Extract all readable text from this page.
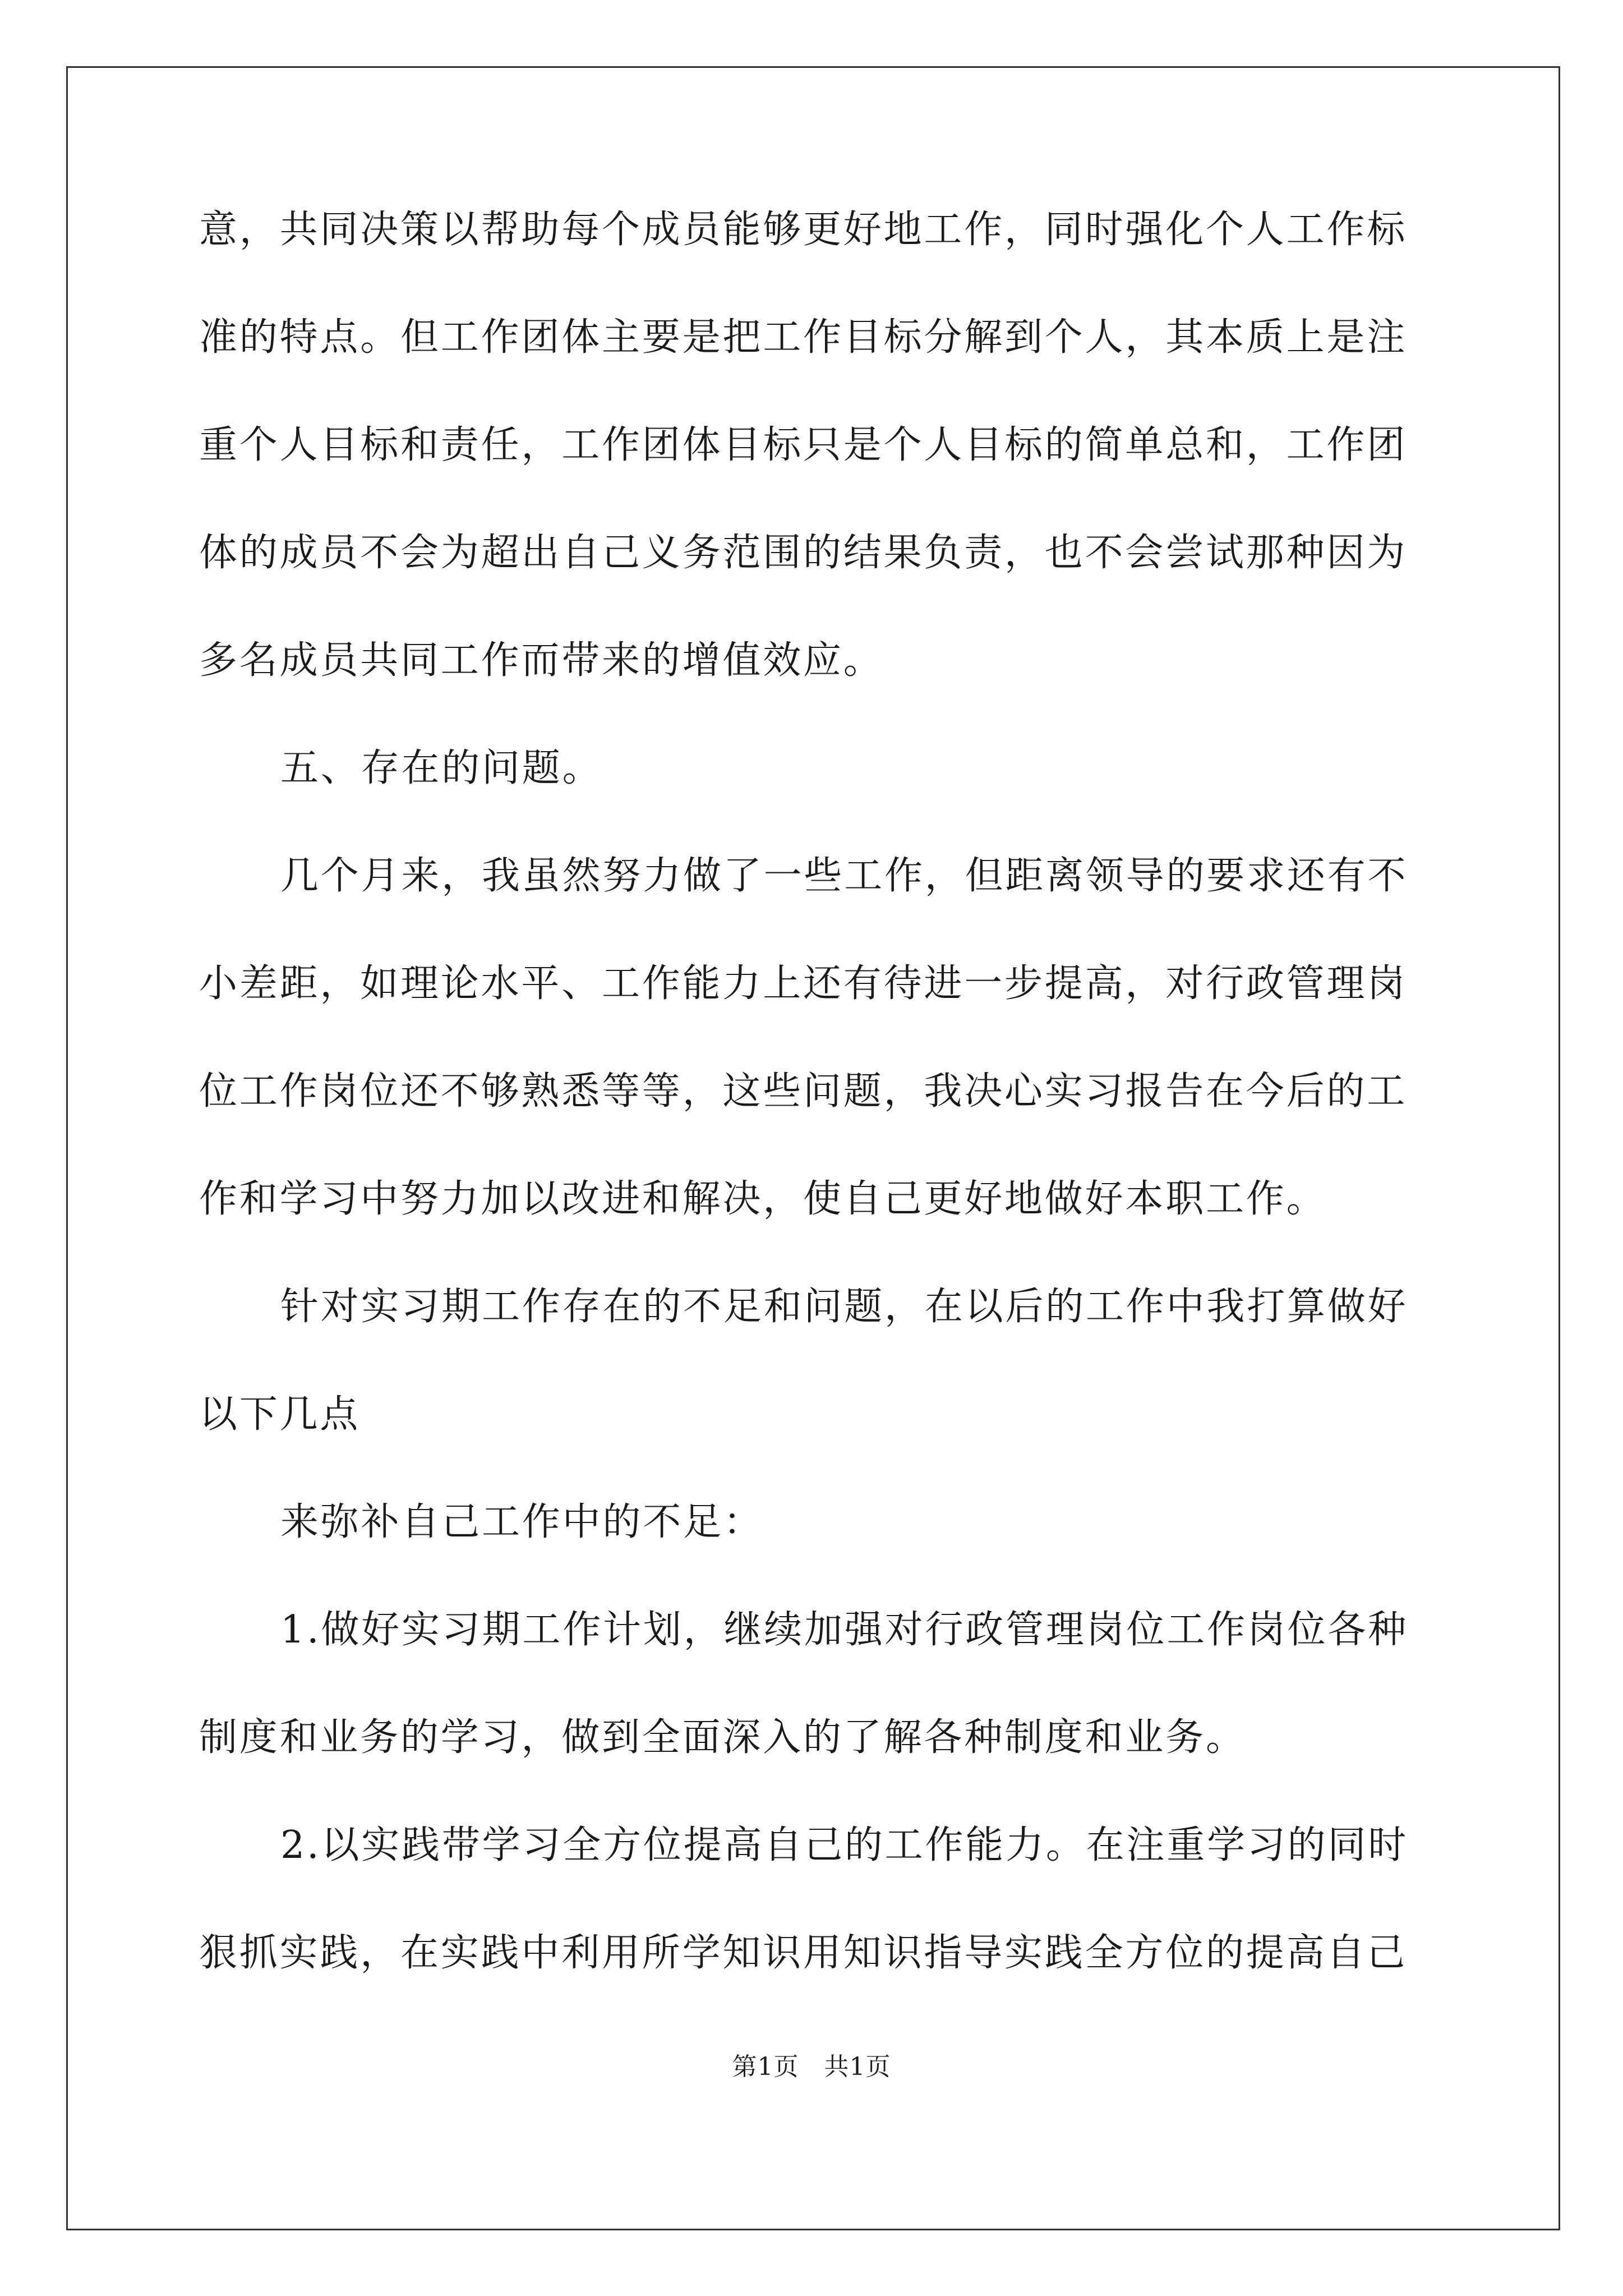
意，共同决策以帮助每个成员能够更好地工作，同时强化个人工作标
准的特点。但工作团体主要是把工作目标分解到个人，其本质上是注
重个人目标和责任，工作团体目标只是个人目标的简单总和，工作团
体的成员不会为超出自己义务范围的结果负责，也不会尝试那种因为
多名成员共同工作而带来的增值效应。
五、存在的问题。
几个月来，我虽然努力做了一些工作，但距离领导的要求还有不
小差距，如理论水平、工作能力上还有待进一步提高，对行政管理岗
位工作岗位还不够熟悉等等，这些问题，我决心实习报告在今后的工
作和学习中努力加以改进和解决，使自己更好地做好本职工作。
针对实习期工作存在的不足和问题，在以后的工作中我打算做好
以下几点
来弥补自己工作中的不足：
1.做好实习期工作计划，继续加强对行政管理岗位工作岗位各种
制度和业务的学习，做到全面深入的了解各种制度和业务。
2.以实践带学习全方位提高自己的工作能力。在注重学习的同时
狠抓实践，在实践中利用所学知识用知识指导实践全方位的提高自己
第1页　共1页
